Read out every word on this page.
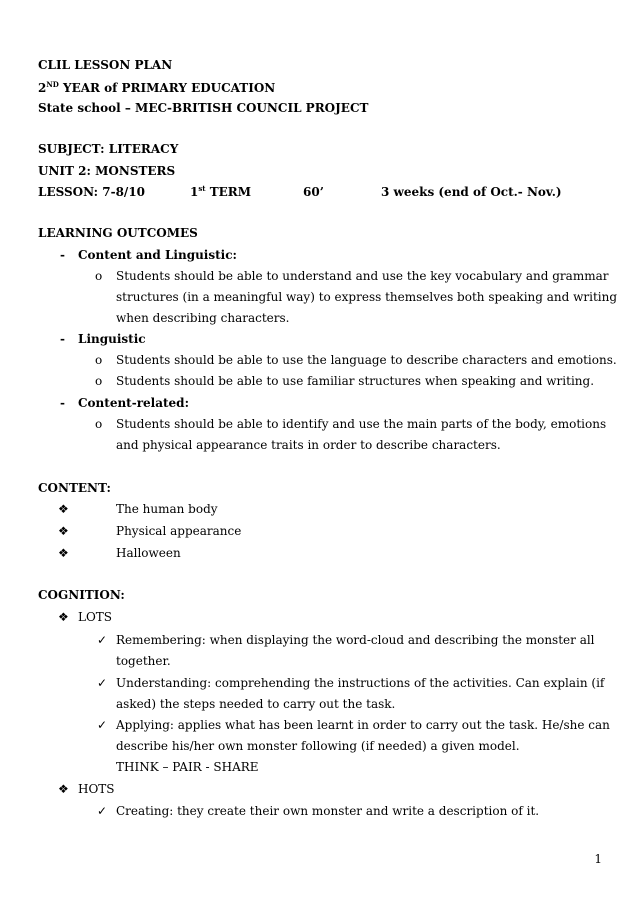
CLIL LESSON PLAN
2ND YEAR of PRIMARY EDUCATION
State school – MEC-BRITISH COUNCIL PROJECT
SUBJECT: LITERACY
UNIT 2: MONSTERS
LESSON: 7-8/10	1st TERM	60’	3 weeks (end of Oct.- Nov.)
LEARNING OUTCOMES
- Content and Linguistic:
o Students should be able to understand and use the key vocabulary and grammar
structures (in a meaningful way) to express themselves both speaking and writing
when describing characters.
- Linguistic
o Students should be able to use the language to describe characters and emotions.
o Students should be able to use familiar structures when speaking and writing.
- Content-related:
o Students should be able to identify and use the main parts of the body, emotions
and physical appearance traits in order to describe characters.
CONTENT:
❖	The human body
❖	Physical appearance
❖	Halloween
COGNITION:
❖ LOTS
✓ Remembering: when displaying the word-cloud and describing the monster all
together.
✓ Understanding: comprehending the instructions of the activities. Can explain (if
asked) the steps needed to carry out the task.
✓ Applying: applies what has been learnt in order to carry out the task. He/she can
describe his/her own monster following (if needed) a given model.
THINK – PAIR - SHARE
❖ HOTS
✓ Creating: they create their own monster and write a description of it.
1
